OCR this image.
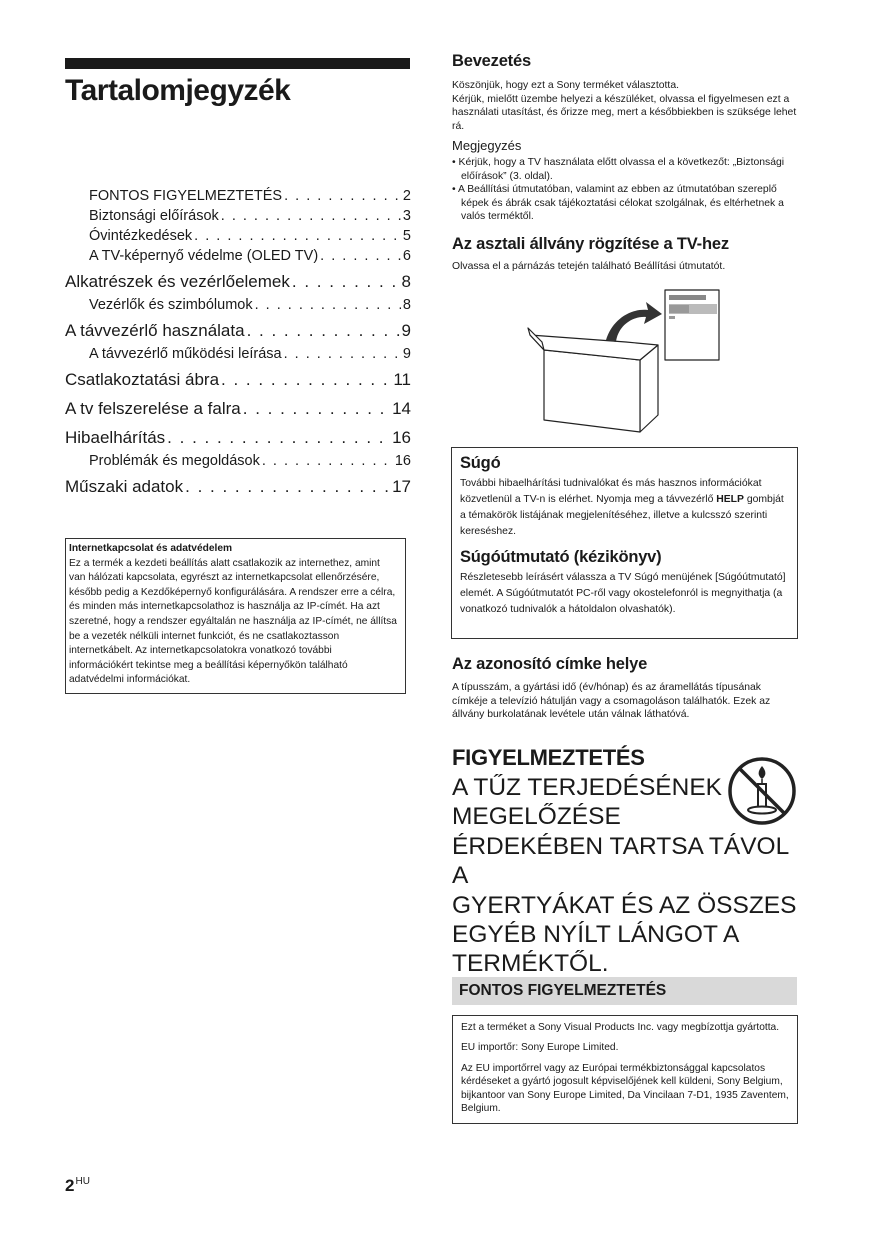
Tartalomjegyzék
FONTOS FIGYELMEZTETÉS . . .	2
Biztonsági előírások . . .	3
Óvintézkedések . . .	5
A TV-képernyő védelme (OLED TV) . . .	6
Alkatrészek és vezérlőelemek . . .	8
Vezérlők és szimbólumok . . .	8
A távvezérlő használata . . .	9
A távvezérlő működési leírása . . .	9
Csatlakoztatási ábra . . .	11
A tv felszerelése a falra . . .	14
Hibaelhárítás . . .	16
Problémák és megoldások . . .	16
Műszaki adatok . . .	17
Internetkapcsolat és adatvédelem
Ez a termék a kezdeti beállítás alatt csatlakozik az internethez, amint van hálózati kapcsolata, egyrészt az internetkapcsolat ellenőrzésére, később pedig a Kezdőképernyő konfigurálására. A rendszer erre a célra, és minden más internetkapcsolathoz is használja az IP-címét. Ha azt szeretné, hogy a rendszer egyáltalán ne használja az IP-címét, ne állítsa be a vezeték nélküli internet funkciót, és ne csatlakoztasson internetkábelt. Az internetkapcsolatokra vonatkozó további információkért tekintse meg a beállítási képernyőkön található adatvédelmi információkat.
$2^{HU}$
Bevezetés
Köszönjük, hogy ezt a Sony terméket választotta.
Kérjük, mielőtt üzembe helyezi a készüléket, olvassa el figyelmesen ezt a használati utasítást, és őrizze meg, mert a későbbiekben is szüksége lehet rá.
Megjegyzés
• Kérjük, hogy a TV használata előtt olvassa el a következőt: „Biztonsági előírások” (3. oldal).
• A Beállítási útmutatóban, valamint az ebben az útmutatóban szereplő képek és ábrák csak tájékoztatási célokat szolgálnak, és eltérhetnek a valós terméktől.
Az asztali állvány rögzítése a TV-hez
Olvassa el a párnázás tetején található Beállítási útmutatót.
Súgó
További hibaelhárítási tudnivalókat és más hasznos információkat közvetlenül a TV-n is elérhet. Nyomja meg a távvezérlő HELP gombját a témakörök listájának megjelenítéséhez, illetve a kulcsszó szerinti kereséshez.
Súgóútmutató (kézikönyv)
Részletesebb leírásért válassza a TV Súgó menüjének [Súgóútmutató] elemét. A Súgóútmutatót PC-ről vagy okostelefonról is megnyithatja (a vonatkozó tudnivalók a hátoldalon olvashatók).
Az azonosító címke helye
A típusszám, a gyártási idő (év/hónap) és az áramellátás típusának címkéje a televízió hátulján vagy a csomagoláson találhatók. Ezek az állvány burkolatának levétele után válnak láthatóvá.
FIGYELMEZTETÉS
A TŰZ TERJEDÉSÉNEK
MEGELŐZÉSE
ÉRDEKÉBEN TARTSA TÁVOL A
GYERTYÁKAT ÉS AZ ÖSSZES
EGYÉB NYÍLT LÁNGOT A
TERMÉKTŐL.
FONTOS FIGYELMEZTETÉS

Ezt a terméket a Sony Visual Products Inc. vagy megbízottja gyártotta.

EU importőr: Sony Europe Limited.

Az EU importőrrel vagy az Európai termékbiztonsággal kapcsolatos kérdéseket a gyártó jogosult képviselőjének kell küldeni, Sony Belgium, bijkantoor van Sony Europe Limited, Da Vincilaan 7-D1, 1935 Zaventem, Belgium.
